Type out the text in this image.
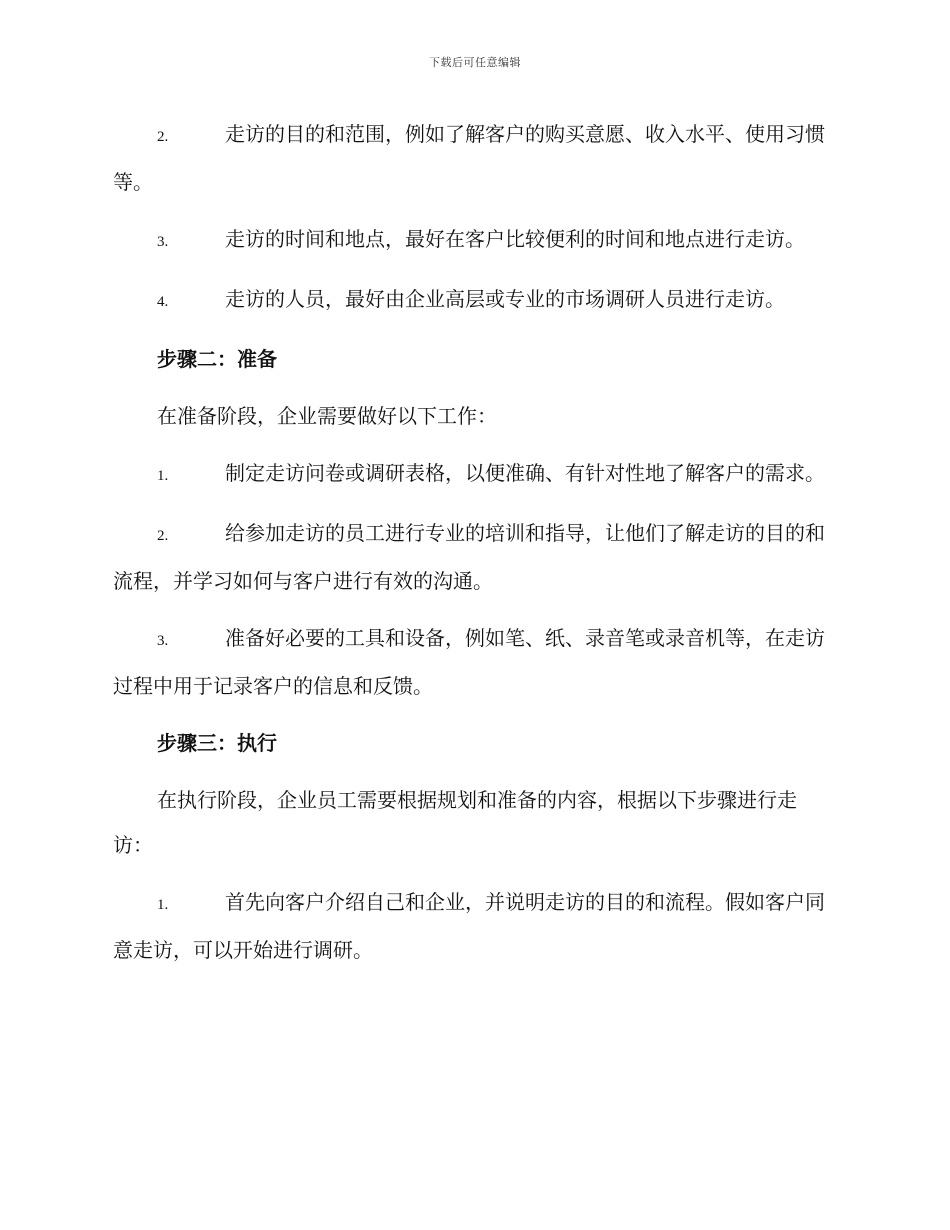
下载后可任意编辑
2.	走访的目的和范围，例如了解客户的购买意愿、收入水平、使用习惯等。
3.	走访的时间和地点，最好在客户比较便利的时间和地点进行走访。
4.	走访的人员，最好由企业高层或专业的市场调研人员进行走访。
步骤二：准备
在准备阶段，企业需要做好以下工作：
1.	制定走访问卷或调研表格，以便准确、有针对性地了解客户的需求。
2.	给参加走访的员工进行专业的培训和指导，让他们了解走访的目的和流程，并学习如何与客户进行有效的沟通。
3.	准备好必要的工具和设备，例如笔、纸、录音笔或录音机等，在走访过程中用于记录客户的信息和反馈。
步骤三：执行
在执行阶段，企业员工需要根据规划和准备的内容，根据以下步骤进行走访：
1.	首先向客户介绍自己和企业，并说明走访的目的和流程。假如客户同意走访，可以开始进行调研。
